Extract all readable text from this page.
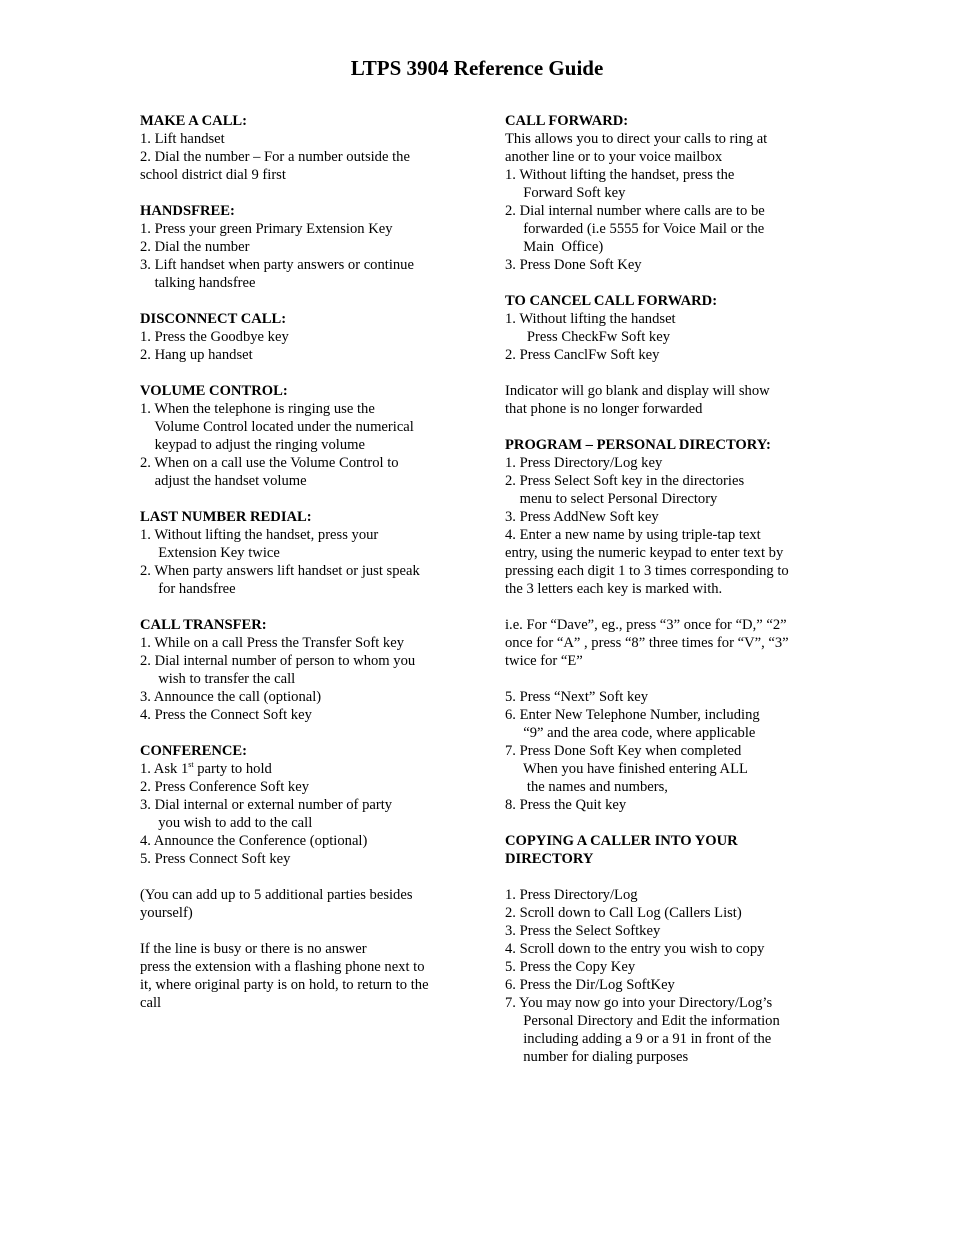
LTPS 3904 Reference Guide
MAKE A CALL:
1. Lift handset
2. Dial the number – For a number outside the
school district dial 9 first
HANDSFREE:
1. Press your green Primary Extension Key
2. Dial the number
3. Lift handset when party answers or continue
talking handsfree
DISCONNECT CALL:
1. Press the Goodbye key
2. Hang up handset
VOLUME CONTROL:
1. When the telephone is ringing use the
Volume Control located under the numerical
keypad to adjust the ringing volume
2. When on a call use the Volume Control to
adjust the handset volume
LAST NUMBER REDIAL:
1. Without lifting the handset, press your
Extension Key twice
2. When party answers lift handset or just speak
for handsfree
CALL TRANSFER:
1. While on a call Press the Transfer Soft key
2. Dial internal number of person to whom you
wish to transfer the call
3. Announce the call (optional)
4. Press the Connect Soft key
CONFERENCE:
1. Ask 1st party to hold
2. Press Conference Soft key
3. Dial internal or external number of party
you wish to add to the call
4. Announce the Conference (optional)
5. Press Connect Soft key
(You can add up to 5 additional parties besides
yourself)
If the line is busy or there is no answer
press the extension with a flashing phone next to
it, where original party is on hold, to return to the
call
CALL FORWARD:
This allows you to direct your calls to ring at
another line or to your voice mailbox
1. Without lifting the handset, press the
Forward Soft key
2. Dial internal number where calls are to be
forwarded (i.e 5555 for Voice Mail or the
Main  Office)
3. Press Done Soft Key
TO CANCEL CALL FORWARD:
1. Without lifting the handset
Press CheckFw Soft key
2. Press CanclFw Soft key
Indicator will go blank and display will show
that phone is no longer forwarded
PROGRAM – PERSONAL DIRECTORY:
1. Press Directory/Log key
2. Press Select Soft key in the directories
menu to select Personal Directory
3. Press AddNew Soft key
4. Enter a new name by using triple-tap text
entry, using the numeric keypad to enter text by
pressing each digit 1 to 3 times corresponding to
the 3 letters each key is marked with.
i.e. For “Dave”, eg., press “3” once for “D,” “2”
once for “A” , press “8” three times for “V”, “3”
twice for “E”
5. Press “Next” Soft key
6. Enter New Telephone Number, including
“9” and the area code, where applicable
7. Press Done Soft Key when completed
When you have finished entering ALL
the names and numbers,
8. Press the Quit key
COPYING A CALLER INTO YOUR
DIRECTORY
1. Press Directory/Log
2. Scroll down to Call Log (Callers List)
3. Press the Select Softkey
4. Scroll down to the entry you wish to copy
5. Press the Copy Key
6. Press the Dir/Log SoftKey
7. You may now go into your Directory/Log’s
Personal Directory and Edit the information
including adding a 9 or a 91 in front of the
number for dialing purposes
